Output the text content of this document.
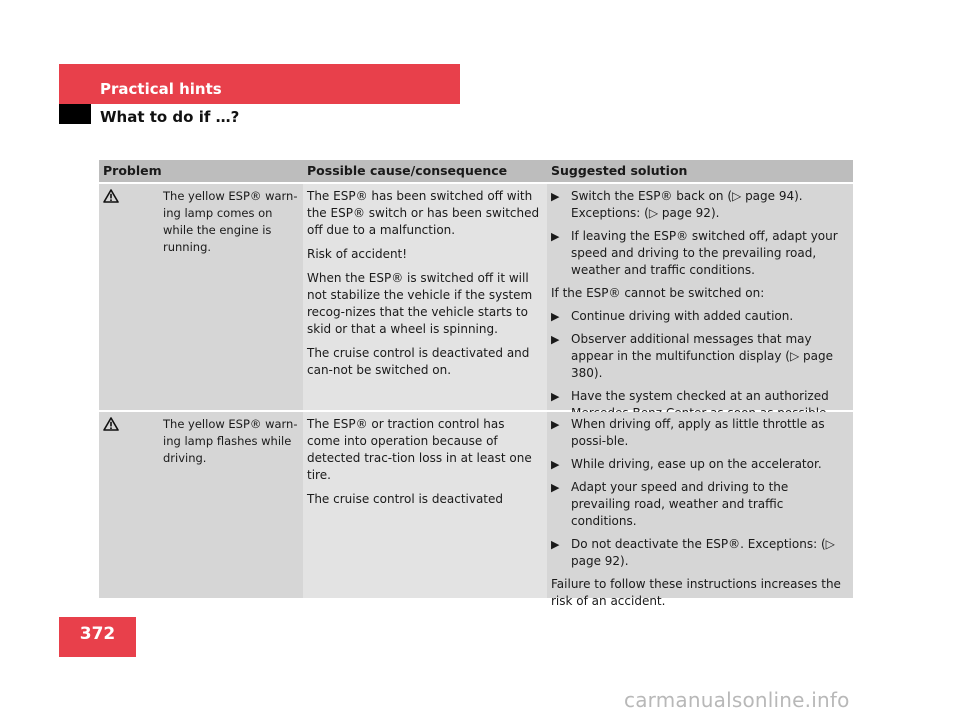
Practical hints
What to do if …?
Problem	Possible cause/consequence	Suggested solution
The yellow ESP® warn-ing lamp comes on while the engine is running.

The ESP® has been switched off with the ESP® switch or has been switched off due to a malfunction.

Risk of accident!

When the ESP® is switched off it will not stabilize the vehicle if the system recog-nizes that the vehicle starts to skid or that a wheel is spinning.

The cruise control is deactivated and can-not be switched on.

▶ Switch the ESP® back on (▷ page 94). Exceptions: (▷ page 92).
▶ If leaving the ESP® switched off, adapt your speed and driving to the prevailing road, weather and traffic conditions.
If the ESP® cannot be switched on:
▶ Continue driving with added caution.
▶ Observer additional messages that may appear in the multifunction display (▷ page 380).
▶ Have the system checked at an authorized
The yellow ESP® warn-ing lamp flashes while driving.

The ESP® or traction control has come into operation because of detected trac-tion loss in at least one tire.

The cruise control is deactivated

▶ When driving off, apply as little throttle as possi-ble.
▶ While driving, ease up on the accelerator.
▶ Adapt your speed and driving to the prevailing road, weather and traffic conditions.
▶ Do not deactivate the ESP®. Exceptions: (▷ page 92).
Failure to follow these instructions increases the risk of an accident.
372
carmanualsonline.info
